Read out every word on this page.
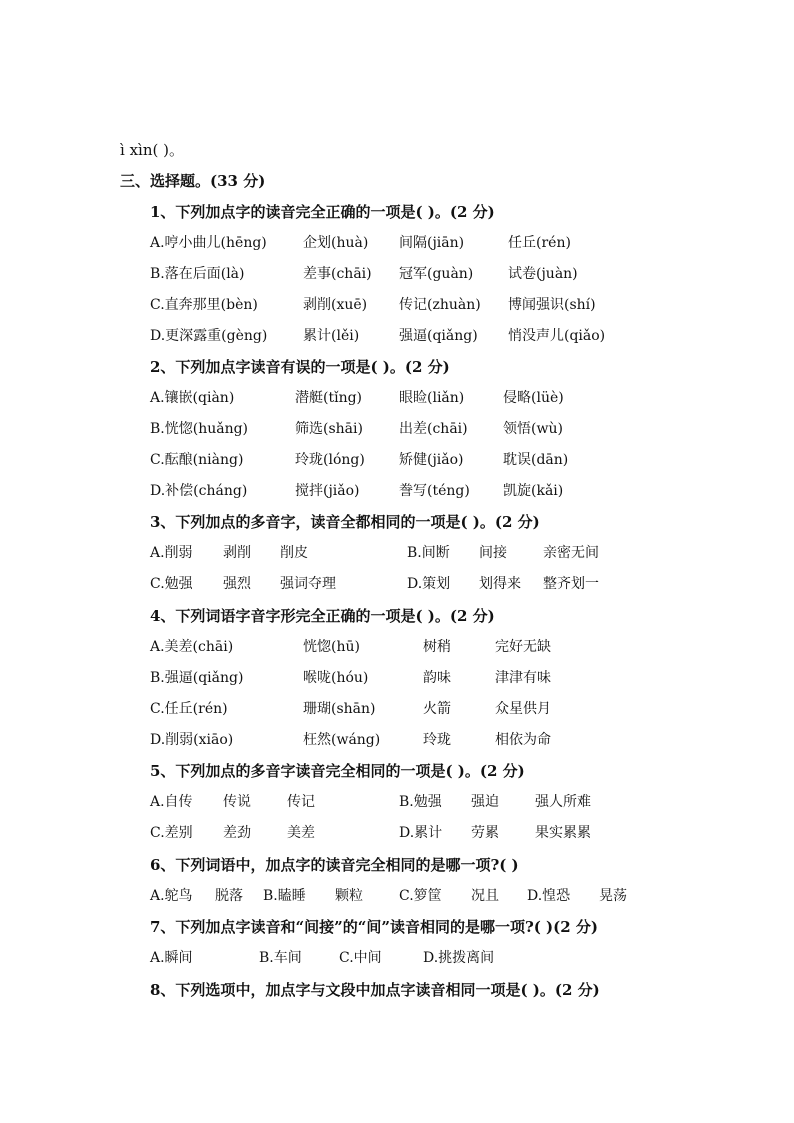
ì xìn( )。
三、选择题。(33 分)
1、下列加点字的读音完全正确的一项是( )。(2 分)
A.哼小曲儿(hēng)	企划(huà) 间隔(jiān)	任丘(rén)
B.落在后面(là)	差事(chāi) 冠军(guàn) 试卷(juàn)
C.直奔那里(bèn)	剥削(xuē) 传记(zhuàn) 博闻强识(shí)
D.更深露重(gèng)	累计(lěi)	强逼(qiǎng) 悄没声儿(qiǎo)
2、下列加点字读音有误的一项是( )。(2 分)
A.镶嵌(qiàn)	潜艇(tǐng)	眼睑(liǎn)	侵略(lüè)
B.恍惚(huǎng)	筛选(shāi)	出差(chāi)	领悟(wù)
C.酝酿(niàng)	玲珑(lóng) 矫健(jiǎo)	耽误(dān)
D.补偿(cháng)	搅拌(jiǎo)	誊写(téng) 凯旋(kǎi)
3、下列加点的多音字，读音全都相同的一项是( )。(2 分)
A.削弱 剥削 削皮	B.间断 间接	亲密无间
C.勉强 强烈 强词夺理	D.策划 划得来 整齐划一
4、下列词语字音字形完全正确的一项是( )。(2 分)
A.美差(chāi)	恍惚(hū)	树稍	完好无缺
B.强逼(qiǎng)	喉咙(hóu)	韵味	津津有味
C.任丘(rén)	珊瑚(shān)	火箭	众星供月
D.削弱(xiāo)	枉然(wáng)	玲珑	相依为命
5、下列加点的多音字读音完全相同的一项是( )。(2 分)
A.自传 传说	传记	B.勉强 强迫	强人所难
C.差别 差劲	美差	D.累计 劳累	果实累累
6、下列词语中，加点字的读音完全相同的是哪一项?( )
A.鸵鸟 脱落 B.瞌睡 颗粒	C.箩筐 况且 D.惶恐 晃荡
7、下列加点字读音和“间接”的“间”读音相同的是哪一项?( )(2 分)
A.瞬间	B.车间	C.中间	D.挑拨离间
8、下列选项中，加点字与文段中加点字读音相同一项是( )。(2 分)
